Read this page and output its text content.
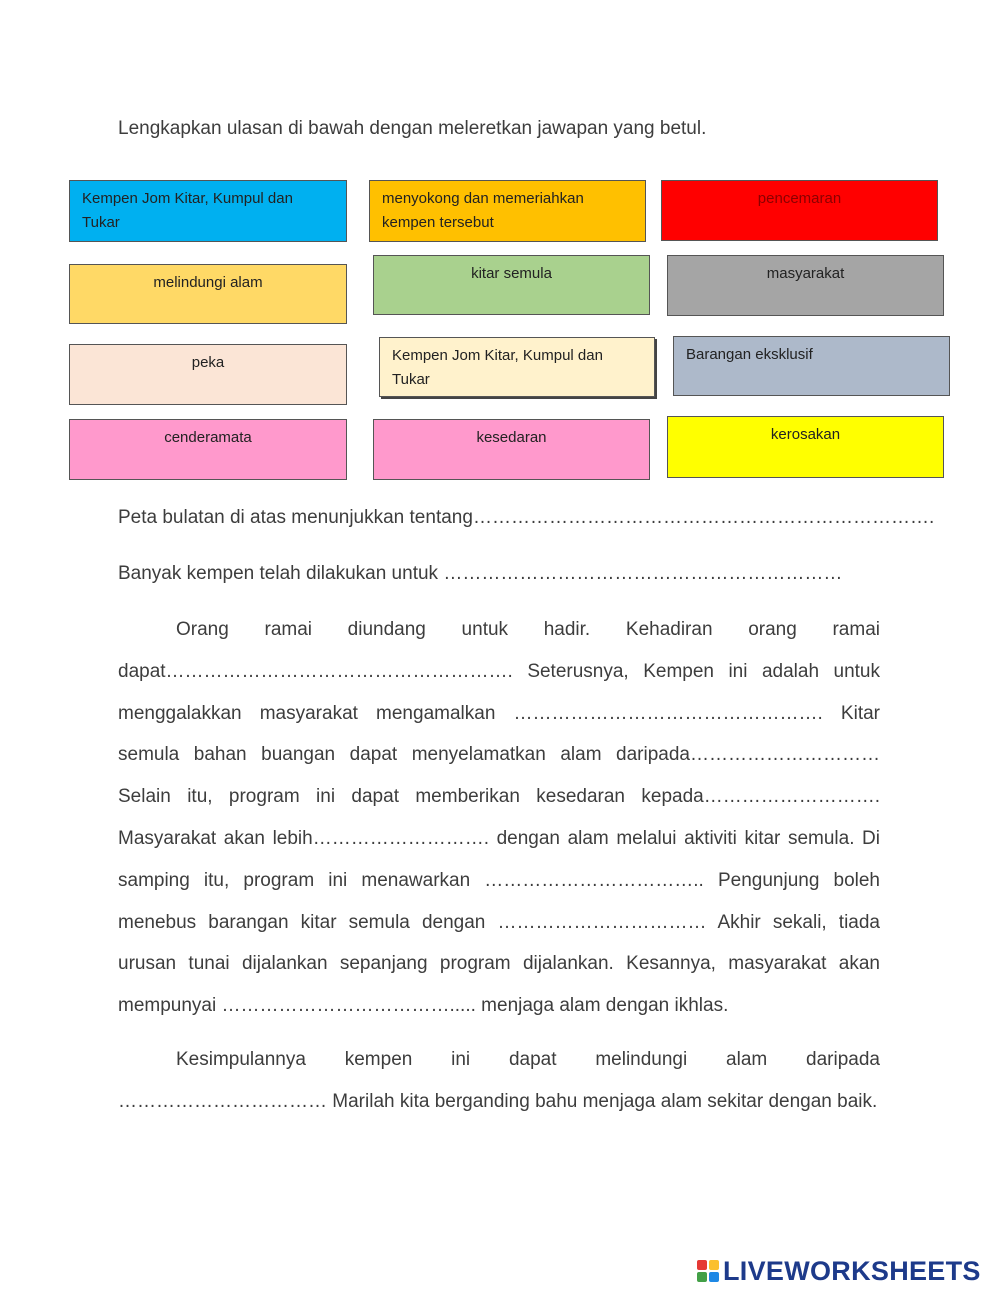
Lengkapkan ulasan di bawah dengan meleretkan jawapan yang betul.
Kempen Jom Kitar, Kumpul dan Tukar
menyokong dan memeriahkan kempen tersebut
pencemaran
melindungi alam
kitar semula	masyarakat
peka	Kempen Jom Kitar, Kumpul dan Tukar
Barangan eksklusif
cenderamata	kesedaran	kerosakan
Peta bulatan di atas menunjukkan tentang……………………………………………………………….
Banyak kempen telah dilakukan untuk ………………………………………………………

Orang ramai diundang untuk hadir. Kehadiran orang ramai dapat………………………………………………. Seterusnya, Kempen ini adalah untuk menggalakkan masyarakat mengamalkan …………………………………………. Kitar semula bahan buangan dapat menyelamatkan alam daripada………………………… Selain itu, program ini dapat memberikan kesedaran kepada………………………. Masyarakat akan lebih………………………. dengan alam melalui aktiviti kitar semula. Di samping itu, program ini menawarkan …………………………….. Pengunjung boleh menebus barangan kitar semula dengan …………………………… Akhir sekali, tiada urusan tunai dijalankan sepanjang program dijalankan. Kesannya, masyarakat akan mempunyai ………………………………..... menjaga alam dengan ikhlas.

Kesimpulannya kempen ini dapat melindungi alam daripada …………………………… Marilah kita berganding bahu menjaga alam sekitar dengan baik.

LIVEWORKSHEETS
